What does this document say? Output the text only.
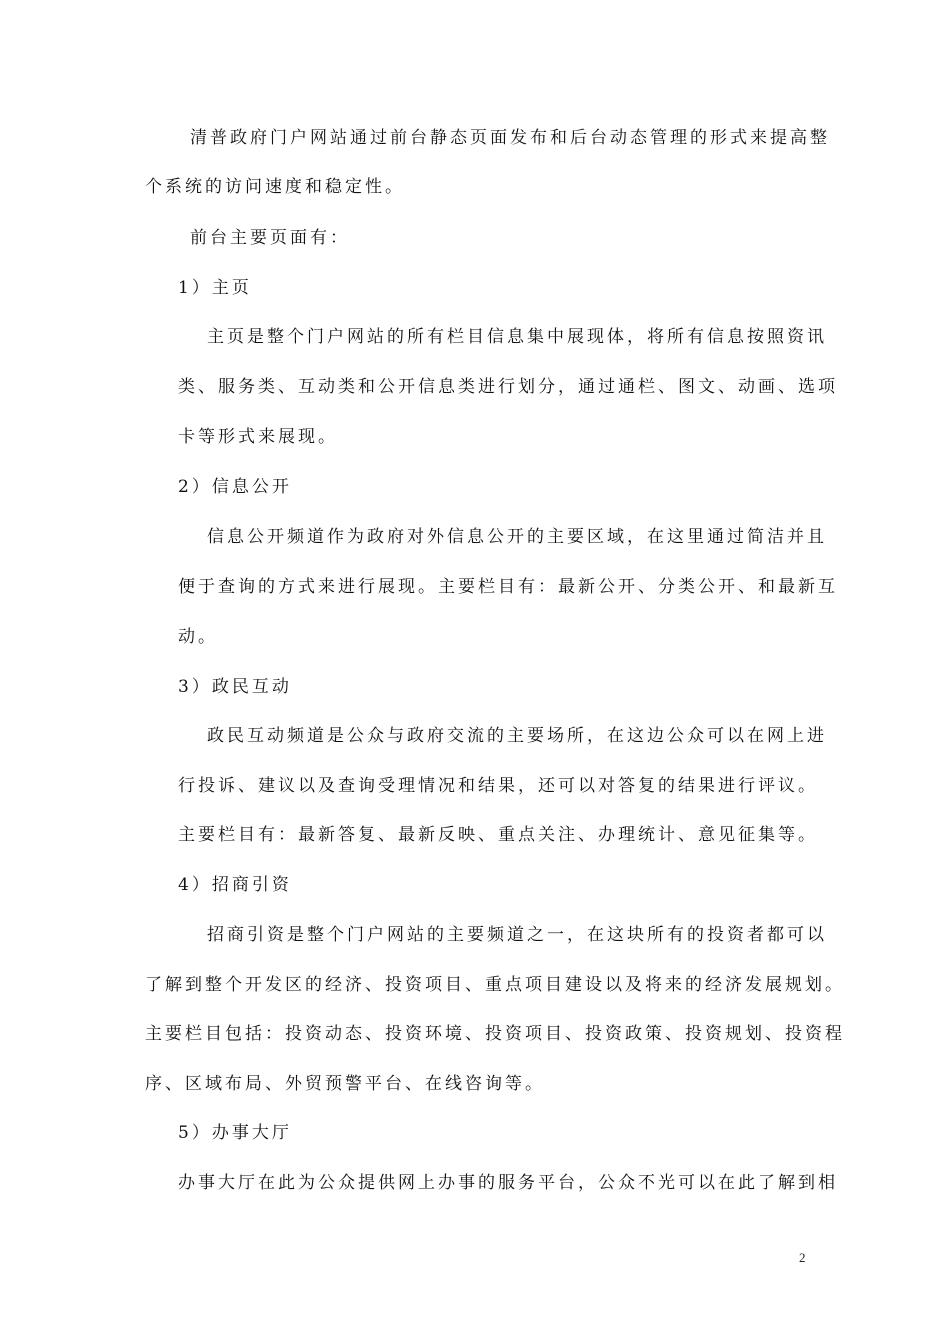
清普政府门户网站通过前台静态页面发布和后台动态管理的形式来提高整
个系统的访问速度和稳定性。
前台主要页面有：
1）主页
主页是整个门户网站的所有栏目信息集中展现体，将所有信息按照资讯
类、服务类、互动类和公开信息类进行划分，通过通栏、图文、动画、选项
卡等形式来展现。
2）信息公开
信息公开频道作为政府对外信息公开的主要区域，在这里通过简洁并且
便于查询的方式来进行展现。主要栏目有：最新公开、分类公开、和最新互
动。
3）政民互动
政民互动频道是公众与政府交流的主要场所，在这边公众可以在网上进
行投诉、建议以及查询受理情况和结果，还可以对答复的结果进行评议。
主要栏目有：最新答复、最新反映、重点关注、办理统计、意见征集等。
4）招商引资
招商引资是整个门户网站的主要频道之一，在这块所有的投资者都可以
了解到整个开发区的经济、投资项目、重点项目建设以及将来的经济发展规划。
主要栏目包括：投资动态、投资环境、投资项目、投资政策、投资规划、投资程
序、区域布局、外贸预警平台、在线咨询等。
5）办事大厅
办事大厅在此为公众提供网上办事的服务平台，公众不光可以在此了解到相
2
